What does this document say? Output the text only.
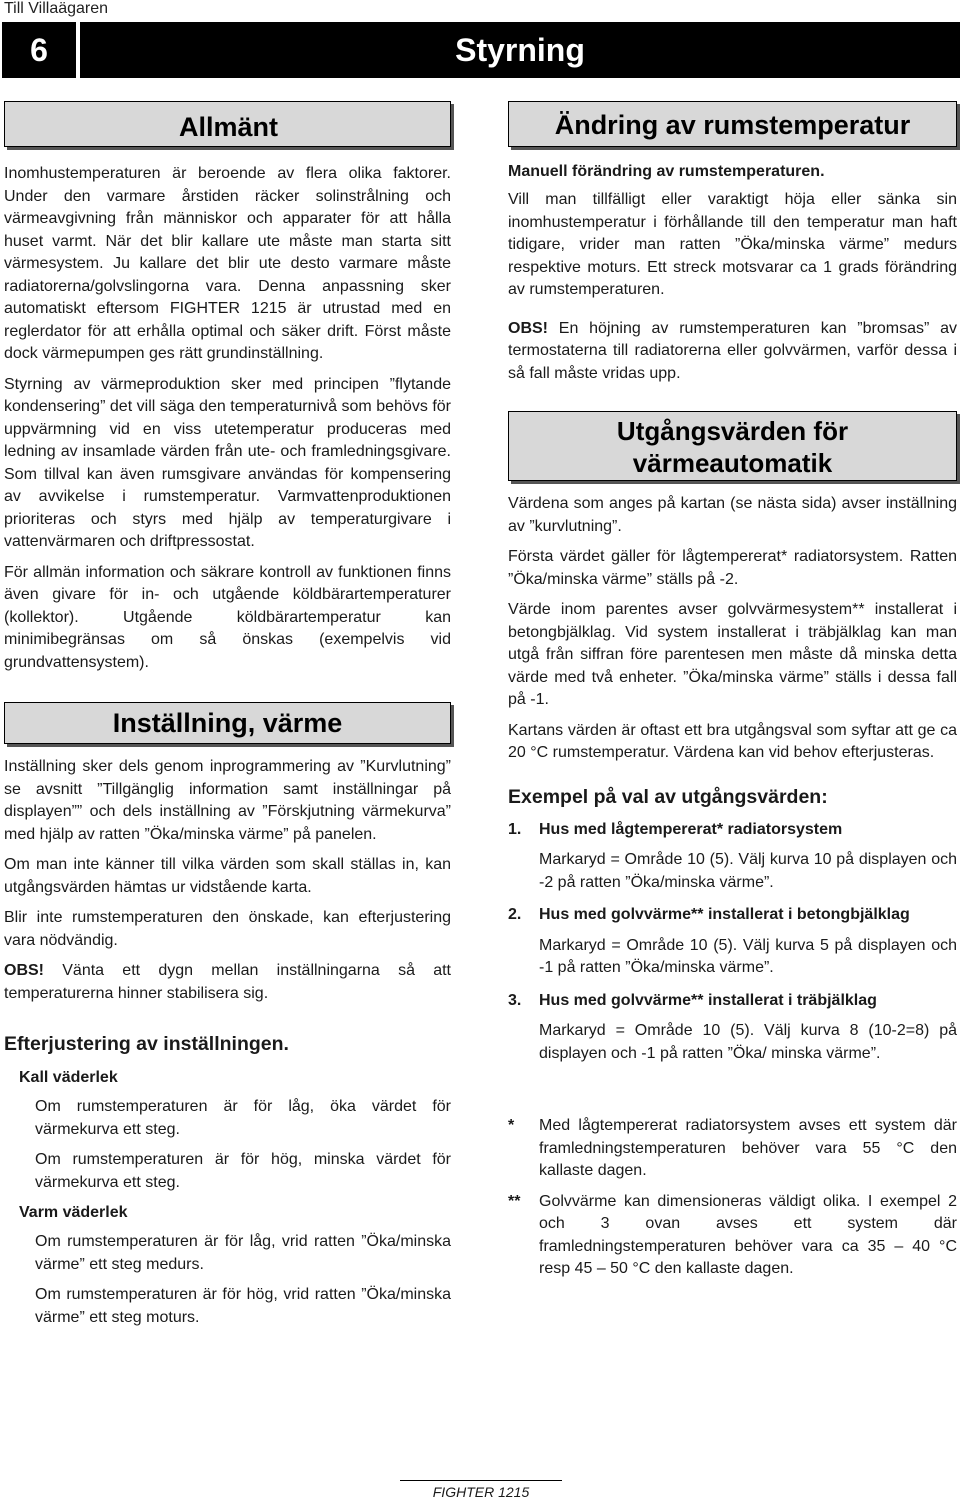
Till Villaägaren
6	Styrning
Allmänt

Inomhustemperaturen är beroende av flera olika faktorer. Under den varmare årstiden räcker solinstrålning och värmeavgivning från människor och apparater för att hålla huset varmt. När det blir kallare ute måste man starta sitt värmesystem. Ju kallare det blir ute desto varmare måste radiatorerna/golvslingorna vara. Denna anpassning sker automatiskt eftersom FIGHTER 1215 är utrustad med en reglerdator för att erhålla optimal och säker drift. Först måste dock värmepumpen ges rätt grundinställning.

Styrning av värmeproduktion sker med principen ”flytande kondensering” det vill säga den temperaturnivå som behövs för uppvärmning vid en viss utetemperatur produceras med ledning av insamlade värden från ute- och framledningsgivare. Som tillval kan även rumsgivare användas för kompensering av avvikelse i rumstemperatur. Varmvattenproduktionen prioriteras och styrs med hjälp av temperaturgivare i vattenvärmaren och driftpressostat.

För allmän information och säkrare kontroll av funktionen finns även givare för in- och utgående köldbärartemperaturer (kollektor). Utgående köldbärartemperatur kan minimibegränsas om så önskas (exempelvis vid grundvattensystem).

Inställning, värme

Inställning sker dels genom inprogrammering av ”Kurvlutning” se avsnitt ”Tillgänglig information samt inställningar på displayen”” och dels inställning av ”Förskjutning värmekurva” med hjälp av ratten ”Öka/minska värme” på panelen.

Om man inte känner till vilka värden som skall ställas in, kan utgångsvärden hämtas ur vidstående karta.

Blir inte rumstemperaturen den önskade, kan efterjustering vara nödvändig.

OBS! Vänta ett dygn mellan inställningarna så att temperaturerna hinner stabilisera sig.

Efterjustering av inställningen.
Kall väderlek

Om rumstemperaturen är för låg, öka värdet för värmekurva ett steg.

Om rumstemperaturen är för hög, minska värdet för värmekurva ett steg.

Varm väderlek

Om rumstemperaturen är för låg, vrid ratten ”Öka/minska värme” ett steg medurs.

Om rumstemperaturen är för hög, vrid ratten ”Öka/minska värme” ett steg moturs.

Ändring av rumstemperatur
Manuell förändring av rumstemperaturen.

Vill man tillfälligt eller varaktigt höja eller sänka sin inomhustemperatur i förhållande till den temperatur man haft tidigare, vrider man ratten ”Öka/minska värme” medurs respektive moturs. Ett streck motsvarar ca 1 grads förändring av rumstemperaturen.

OBS! En höjning av rumstemperaturen kan ”bromsas” av termostaterna till radiatorerna eller golvvärmen, varför dessa i så fall måste vridas upp.

Utgångsvärden för
värmeautomatik

Värdena som anges på kartan (se nästa sida) avser inställning av ”kurvlutning”.

Första värdet gäller för lågtempererat* radiatorsystem. Ratten ”Öka/minska värme” ställs på -2.

Värde inom parentes avser golvvärmesystem** installerat i betongbjälklag. Vid system installerat i träbjälklag kan man utgå från siffran före parentesen men måste då minska detta värde med två enheter. ”Öka/minska värme” ställs i dessa fall på -1.

Kartans värden är oftast ett bra utgångsval som syftar att ge ca 20 °C rumstemperatur. Värdena kan vid behov efterjusteras.

Exempel på val av utgångsvärden:
1.	Hus med lågtempererat* radiatorsystem
Markaryd = Område 10 (5). Välj kurva 10 på displayen och -2 på ratten ”Öka/minska värme”.
2.	Hus med golvvärme** installerat i betongbjälklag
Markaryd = Område 10 (5). Välj kurva 5 på displayen och -1 på ratten ”Öka/minska värme”.
3.	Hus med golvvärme** installerat i träbjälklag
Markaryd = Område 10 (5). Välj kurva 8 (10-2=8) på displayen och -1 på ratten ”Öka/ minska värme”.
*	Med lågtempererat radiatorsystem avses ett system där framledningstemperaturen behöver vara 55 °C den kallaste dagen.
**	Golvvärme kan dimensioneras väldigt olika. I exempel 2 och 3 ovan avses ett system där framledningstemperaturen behöver vara ca 35 – 40 °C resp 45 – 50 °C den kallaste dagen.
FIGHTER 1215
